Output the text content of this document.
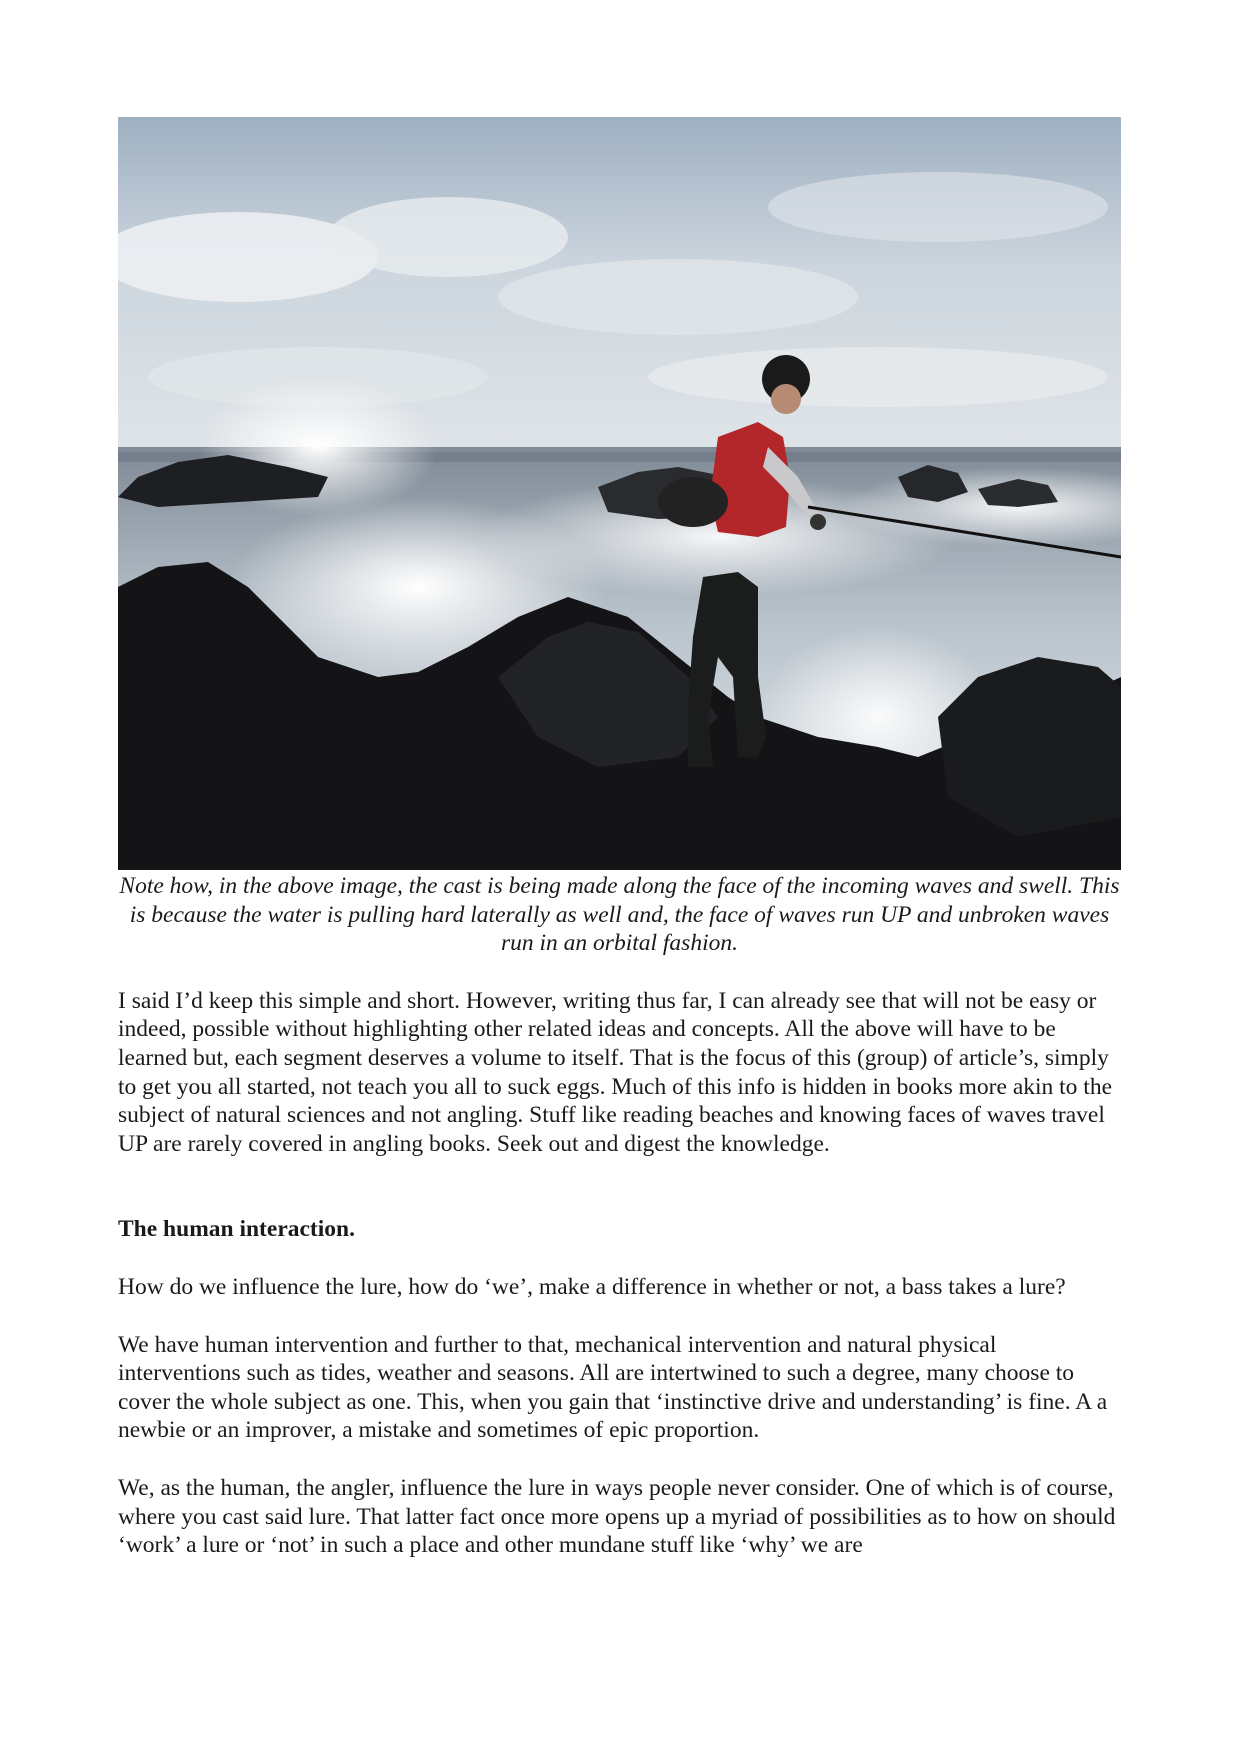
Note how, in the above image, the cast is being made along the face of the incoming waves and swell. This is because the water is pulling hard laterally as well and, the face of waves run UP and unbroken waves run in an orbital fashion.

I said I’d keep this simple and short. However, writing thus far, I can already see that will not be easy or indeed, possible without highlighting other related ideas and concepts. All the above will have to be learned but, each segment deserves a volume to itself. That is the focus of this (group) of article’s, simply to get you all started, not teach you all to suck eggs. Much of this info is hidden in books more akin to the subject of natural sciences and not angling. Stuff like reading beaches and knowing faces of waves travel UP are rarely covered in angling books. Seek out and digest the knowledge.

The human interaction.

How do we influence the lure, how do ‘we’, make a difference in whether or not, a bass takes a lure?

We have human intervention and further to that, mechanical intervention and natural physical interventions such as tides, weather and seasons. All are intertwined to such a degree, many choose to cover the whole subject as one. This, when you gain that ‘instinctive drive and understanding’ is fine. A a newbie or an improver, a mistake and sometimes of epic proportion.

We, as the human, the angler, influence the lure in ways people never consider. One of which is of course, where you cast said lure. That latter fact once more opens up a myriad of possibilities as to how on should ‘work’ a lure or ‘not’ in such a place and other mundane stuff like ‘why’ we are
